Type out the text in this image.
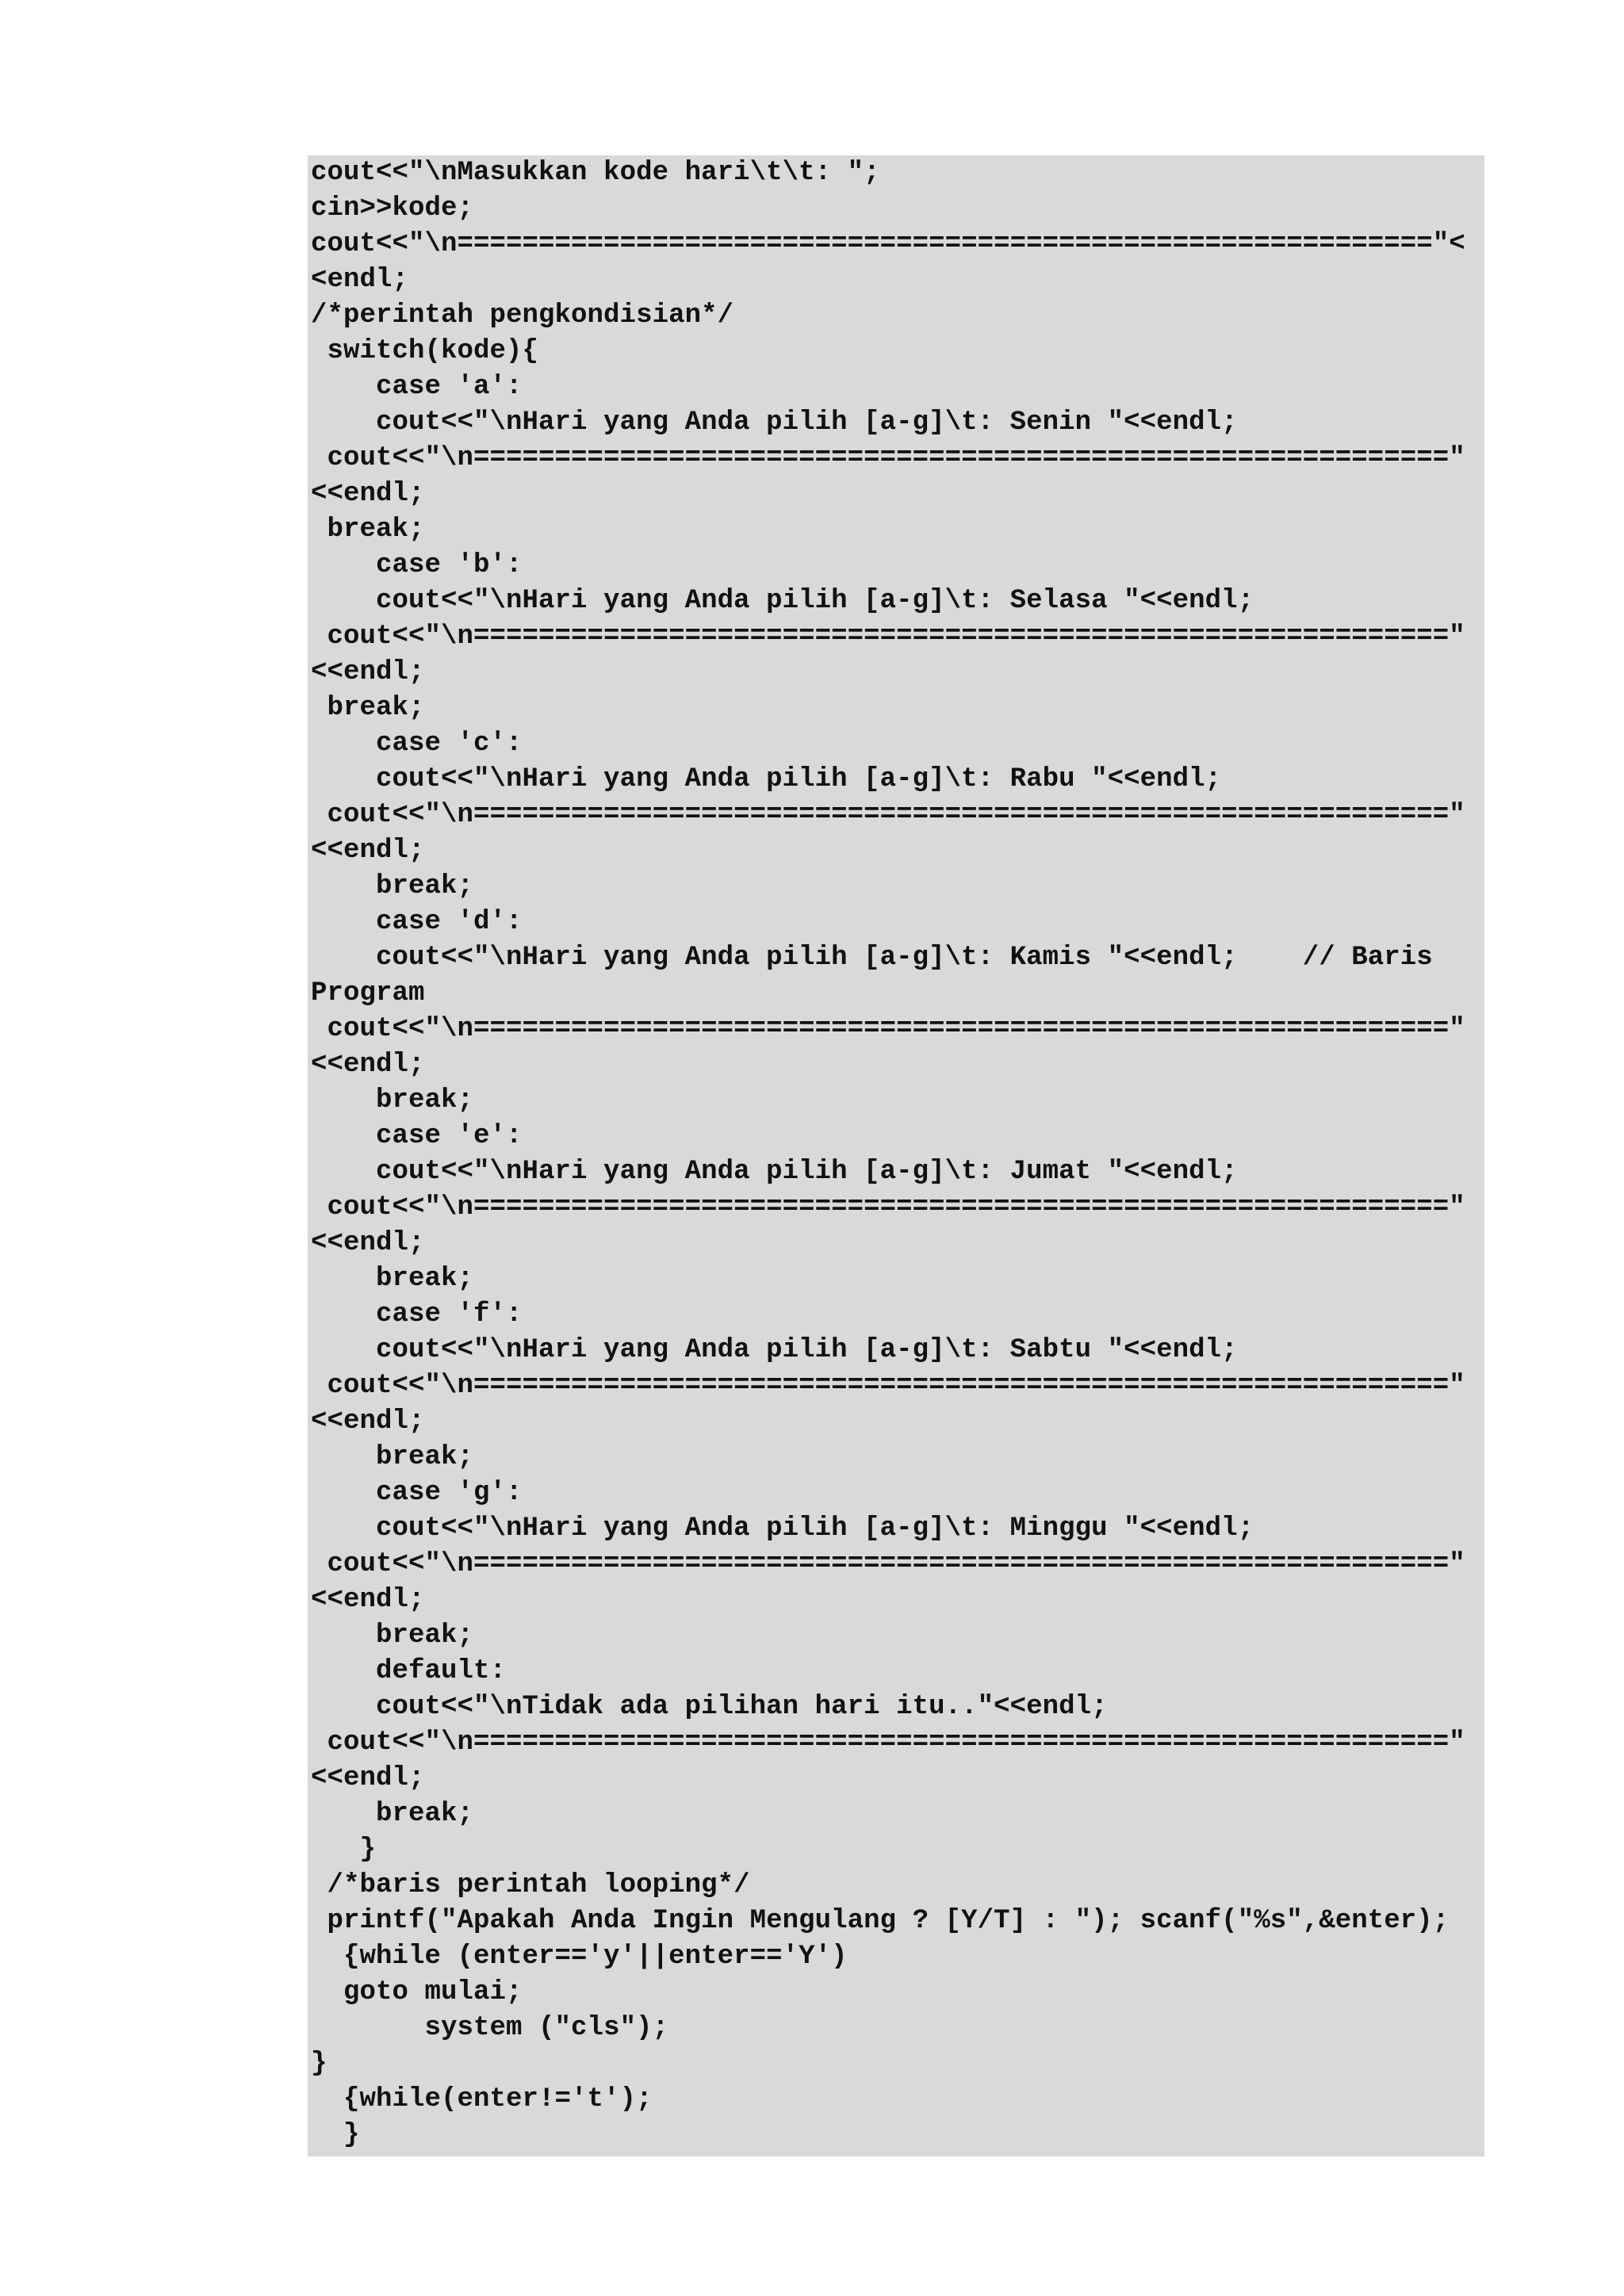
cout<<"\nMasukkan kode hari\t\t: ";
cin>>kode;
cout<<"\n============================================================"<
<endl;
/*perintah pengkondisian*/
switch(kode){
case 'a':
cout<<"\nHari yang Anda pilih [a-g]\t: Senin "<<endl;
cout<<"\n============================================================"
<<endl;
break;
case 'b':
cout<<"\nHari yang Anda pilih [a-g]\t: Selasa "<<endl;
cout<<"\n============================================================"
<<endl;
break;
case 'c':
cout<<"\nHari yang Anda pilih [a-g]\t: Rabu "<<endl;
cout<<"\n============================================================"
<<endl;
break;
case 'd':
cout<<"\nHari yang Anda pilih [a-g]\t: Kamis "<<endl;    // Baris
Program
cout<<"\n============================================================"
<<endl;
break;
case 'e':
cout<<"\nHari yang Anda pilih [a-g]\t: Jumat "<<endl;
cout<<"\n============================================================"
<<endl;
break;
case 'f':
cout<<"\nHari yang Anda pilih [a-g]\t: Sabtu "<<endl;
cout<<"\n============================================================"
<<endl;
break;
case 'g':
cout<<"\nHari yang Anda pilih [a-g]\t: Minggu "<<endl;
cout<<"\n============================================================"
<<endl;
break;
default:
cout<<"\nTidak ada pilihan hari itu.."<<endl;
cout<<"\n============================================================"
<<endl;
break;
}
/*baris perintah looping*/
printf("Apakah Anda Ingin Mengulang ? [Y/T] : "); scanf("%s",&enter);
{while (enter=='y'||enter=='Y')
goto mulai;
system ("cls");
}
{while(enter!='t');
}
